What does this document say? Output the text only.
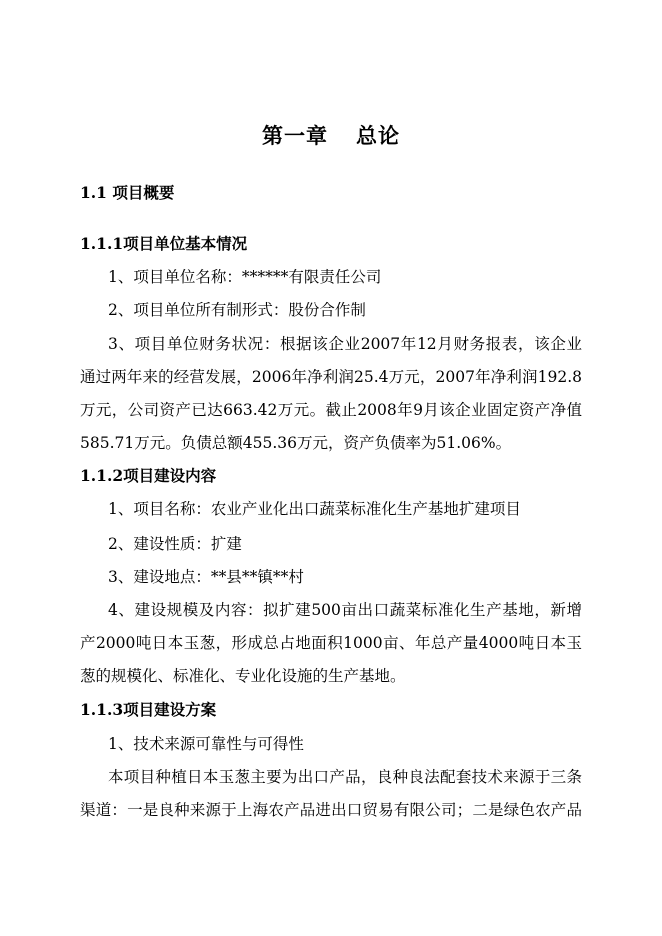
第一章 总论
1.1 项目概要
1.1.1项目单位基本情况
1、项目单位名称：******有限责任公司
2、项目单位所有制形式：股份合作制
3、项目单位财务状况：根据该企业2007年12月财务报表，该企业
通过两年来的经营发展，2006年净利润25.4万元，2007年净利润192.8
万元，公司资产已达663.42万元。截止2008年9月该企业固定资产净值
585.71万元。负债总额455.36万元，资产负债率为51.06%。
1.1.2项目建设内容
1、项目名称：农业产业化出口蔬菜标准化生产基地扩建项目
2、建设性质：扩建
3、建设地点：**县**镇**村
4、建设规模及内容：拟扩建500亩出口蔬菜标准化生产基地，新增
产2000吨日本玉葱，形成总占地面积1000亩、年总产量4000吨日本玉
葱的规模化、标准化、专业化设施的生产基地。
1.1.3项目建设方案
1、技术来源可靠性与可得性
本项目种植日本玉葱主要为出口产品，良种良法配套技术来源于三条
渠道：一是良种来源于上海农产品进出口贸易有限公司；二是绿色农产品
